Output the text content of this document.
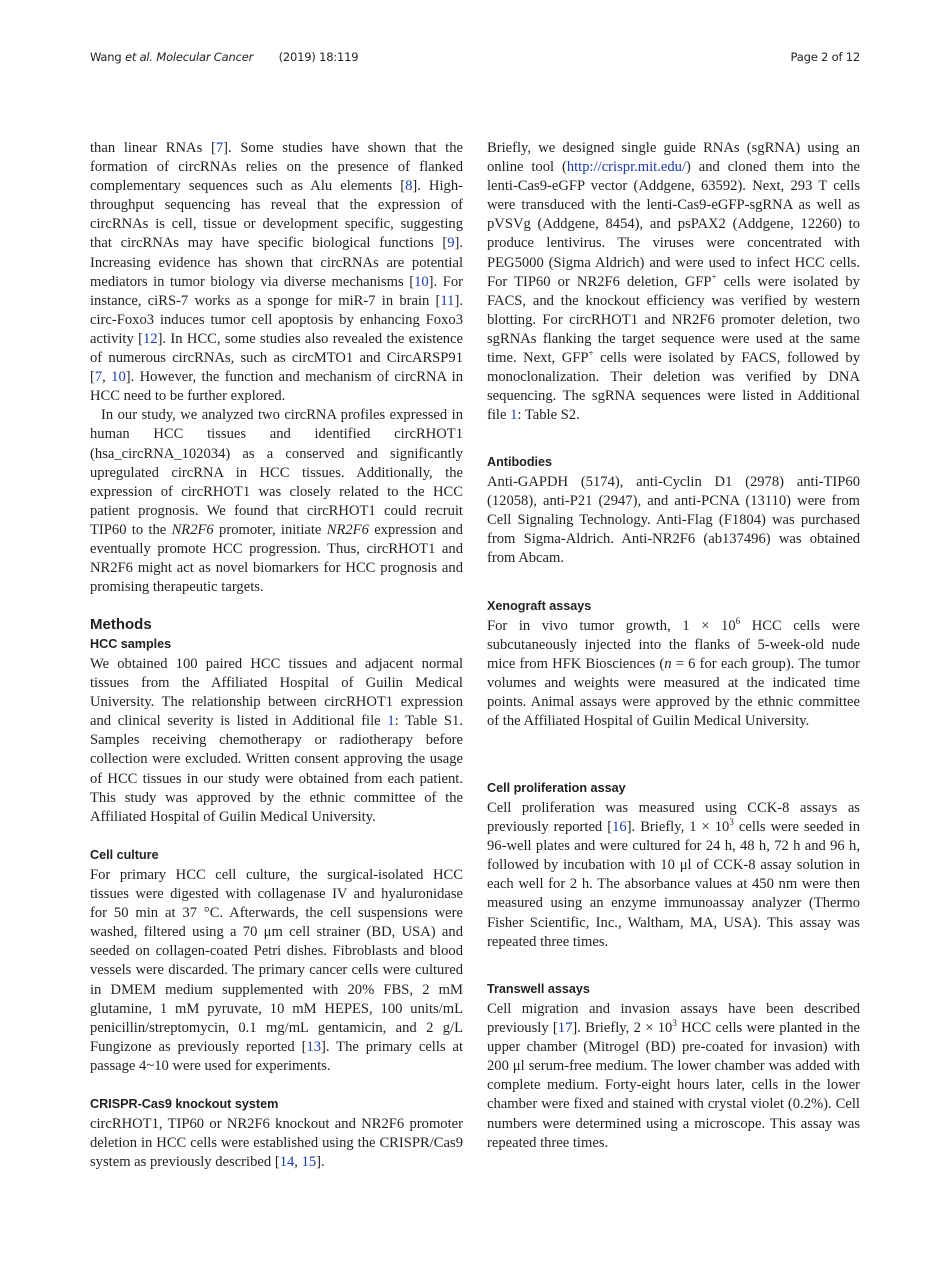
Wang et al. Molecular Cancer (2019) 18:119	Page 2 of 12

than linear RNAs [7]. Some studies have shown that the formation of circRNAs relies on the presence of flanked complementary sequences such as Alu elements [8]. High-throughput sequencing has reveal that the expression of circRNAs is cell, tissue or development specific, suggesting that circRNAs may have specific biological functions [9]. Increasing evidence has shown that circRNAs are potential mediators in tumor biology via diverse mechanisms [10]. For instance, ciRS-7 works as a sponge for miR-7 in brain [11]. circ-Foxo3 induces tumor cell apoptosis by enhancing Foxo3 activity [12]. In HCC, some studies also revealed the existence of numerous circRNAs, such as circMTO1 and CircARSP91 [7, 10]. However, the function and mechanism of circRNA in HCC need to be further explored.

In our study, we analyzed two circRNA profiles expressed in human HCC tissues and identified circRHOT1 (hsa_circRNA_102034) as a conserved and significantly upregulated circRNA in HCC tissues. Additionally, the expression of circRHOT1 was closely related to the HCC patient prognosis. We found that circRHOT1 could recruit TIP60 to the NR2F6 promoter, initiate NR2F6 expression and eventually promote HCC progression. Thus, circRHOT1 and NR2F6 might act as novel biomarkers for HCC prognosis and promising therapeutic targets.

Methods
HCC samples

We obtained 100 paired HCC tissues and adjacent normal tissues from the Affiliated Hospital of Guilin Medical University. The relationship between circRHOT1 expression and clinical severity is listed in Additional file 1: Table S1. Samples receiving chemotherapy or radiotherapy before collection were excluded. Written consent approving the usage of HCC tissues in our study were obtained from each patient. This study was approved by the ethnic committee of the Affiliated Hospital of Guilin Medical University.

Cell culture

For primary HCC cell culture, the surgical-isolated HCC tissues were digested with collagenase IV and hyaluronidase for 50 min at 37 °C. Afterwards, the cell suspensions were washed, filtered using a 70 μm cell strainer (BD, USA) and seeded on collagen-coated Petri dishes. Fibroblasts and blood vessels were discarded. The primary cancer cells were cultured in DMEM medium supplemented with 20% FBS, 2 mM glutamine, 1 mM pyruvate, 10 mM HEPES, 100 units/mL penicillin/streptomycin, 0.1 mg/mL gentamicin, and 2 g/L Fungizone as previously reported [13]. The primary cells at passage 4~10 were used for experiments.

CRISPR-Cas9 knockout system

circRHOT1, TIP60 or NR2F6 knockout and NR2F6 promoter deletion in HCC cells were established using the CRISPR/Cas9 system as previously described [14, 15].

Briefly, we designed single guide RNAs (sgRNA) using an online tool (http://crispr.mit.edu/) and cloned them into the lenti-Cas9-eGFP vector (Addgene, 63592). Next, 293 T cells were transduced with the lenti-Cas9-eGFP-sgRNA as well as pVSVg (Addgene, 8454), and psPAX2 (Addgene, 12260) to produce lentivirus. The viruses were concentrated with PEG5000 (Sigma Aldrich) and were used to infect HCC cells. For TIP60 or NR2F6 deletion, GFP+ cells were isolated by FACS, and the knockout efficiency was verified by western blotting. For circRHOT1 and NR2F6 promoter deletion, two sgRNAs flanking the target sequence were used at the same time. Next, GFP+ cells were isolated by FACS, followed by monoclonalization. Their deletion was verified by DNA sequencing. The sgRNA sequences were listed in Additional file 1: Table S2.

Antibodies

Anti-GAPDH (5174), anti-Cyclin D1 (2978) anti-TIP60 (12058), anti-P21 (2947), and anti-PCNA (13110) were from Cell Signaling Technology. Anti-Flag (F1804) was purchased from Sigma-Aldrich. Anti-NR2F6 (ab137496) was obtained from Abcam.

Xenograft assays

For in vivo tumor growth, $1 \times 10^6$ HCC cells were subcutaneously injected into the flanks of 5-week-old nude mice from HFK Biosciences (n = 6 for each group). The tumor volumes and weights were measured at the indicated time points. Animal assays were approved by the ethnic committee of the Affiliated Hospital of Guilin Medical University.

Cell proliferation assay

Cell proliferation was measured using CCK-8 assays as previously reported [16]. Briefly, $1 \times 10^3$ cells were seeded in 96-well plates and were cultured for 24 h, 48 h, 72 h and 96 h, followed by incubation with 10 μl of CCK-8 assay solution in each well for 2 h. The absorbance values at 450 nm were then measured using an enzyme immunoassay analyzer (Thermo Fisher Scientific, Inc., Waltham, MA, USA). This assay was repeated three times.

Transwell assays

Cell migration and invasion assays have been described previously [17]. Briefly, $2 \times 10^3$ HCC cells were planted in the upper chamber (Mitrogel (BD) pre-coated for invasion) with 200 μl serum-free medium. The lower chamber was added with complete medium. Forty-eight hours later, cells in the lower chamber were fixed and stained with crystal violet (0.2%). Cell numbers were determined using a microscope. This assay was repeated three times.
